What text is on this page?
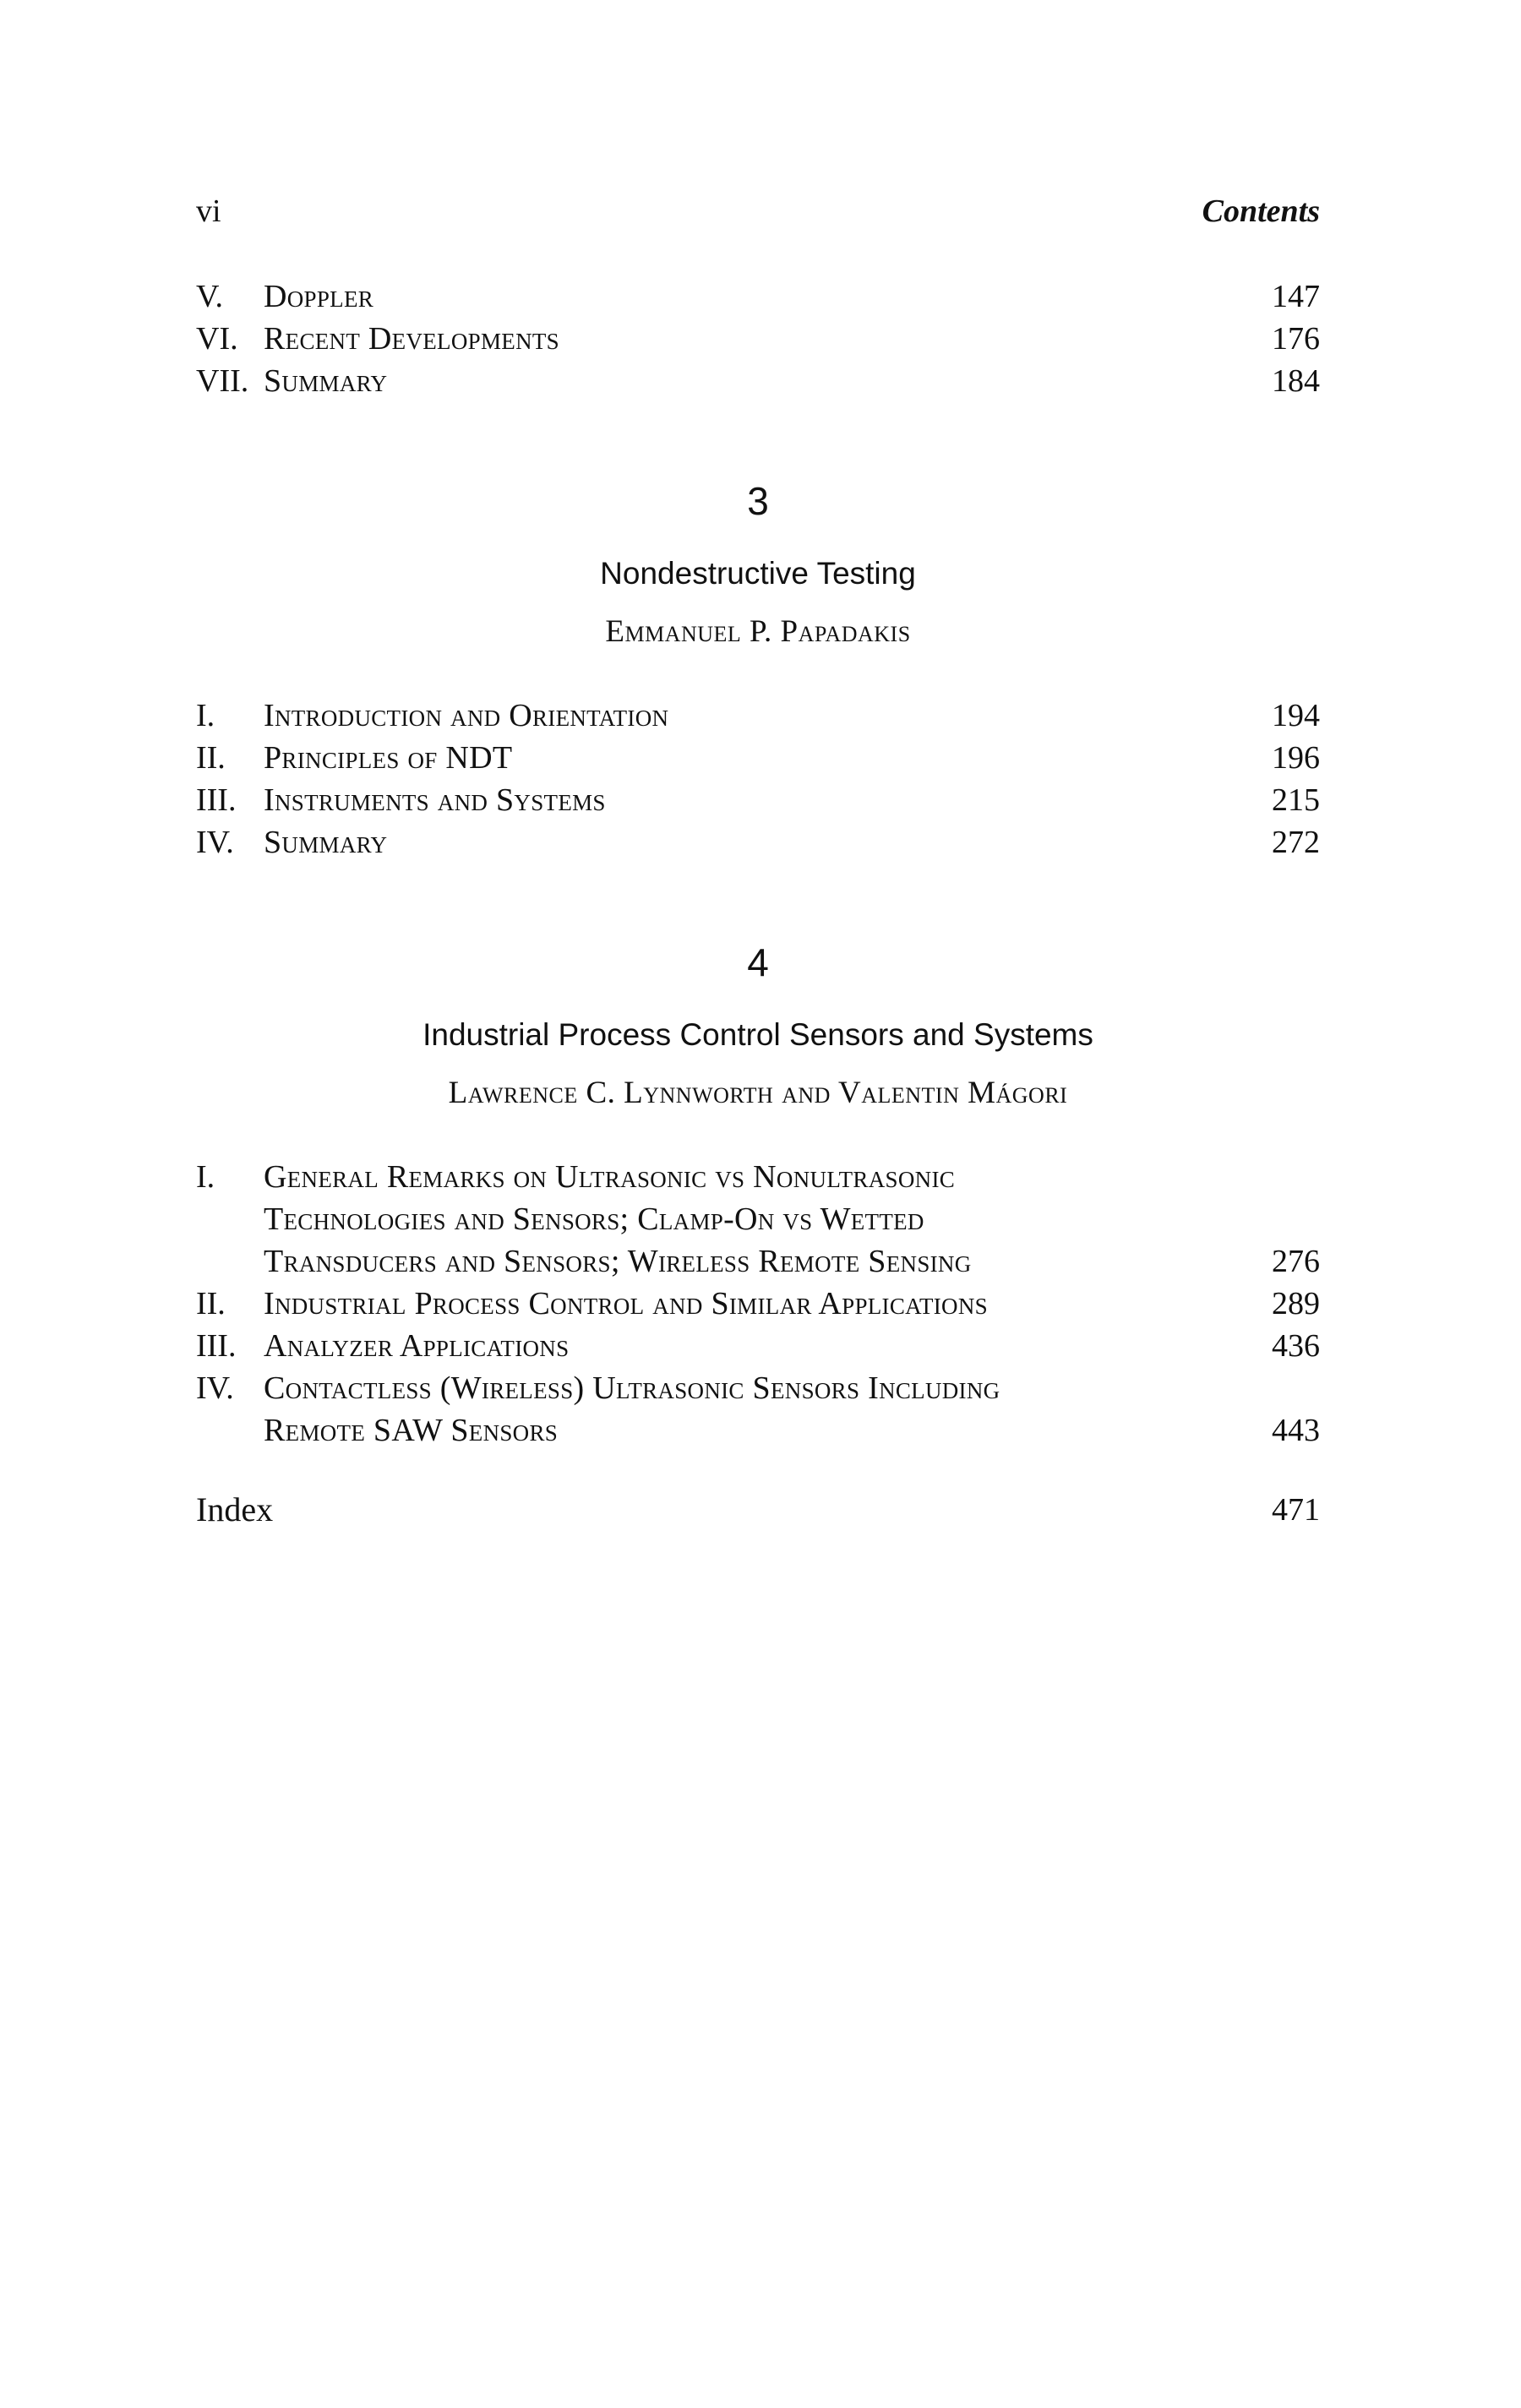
vi	Contents
V. Doppler	147
VI. Recent Developments	176
VII. Summary	184
3
Nondestructive Testing
Emmanuel P. Papadakis
I. Introduction and Orientation	194
II. Principles of NDT	196
III. Instruments and Systems	215
IV. Summary	272
4
Industrial Process Control Sensors and Systems
Lawrence C. Lynnworth and Valentin Mágori
I. General Remarks on Ultrasonic vs Nonultrasonic
Technologies and Sensors; Clamp-On vs Wetted
Transducers and Sensors; Wireless Remote Sensing	276
II. Industrial Process Control and Similar Applications	289
III. Analyzer Applications	436
IV. Contactless (Wireless) Ultrasonic Sensors Including
Remote SAW Sensors	443
Index	471
